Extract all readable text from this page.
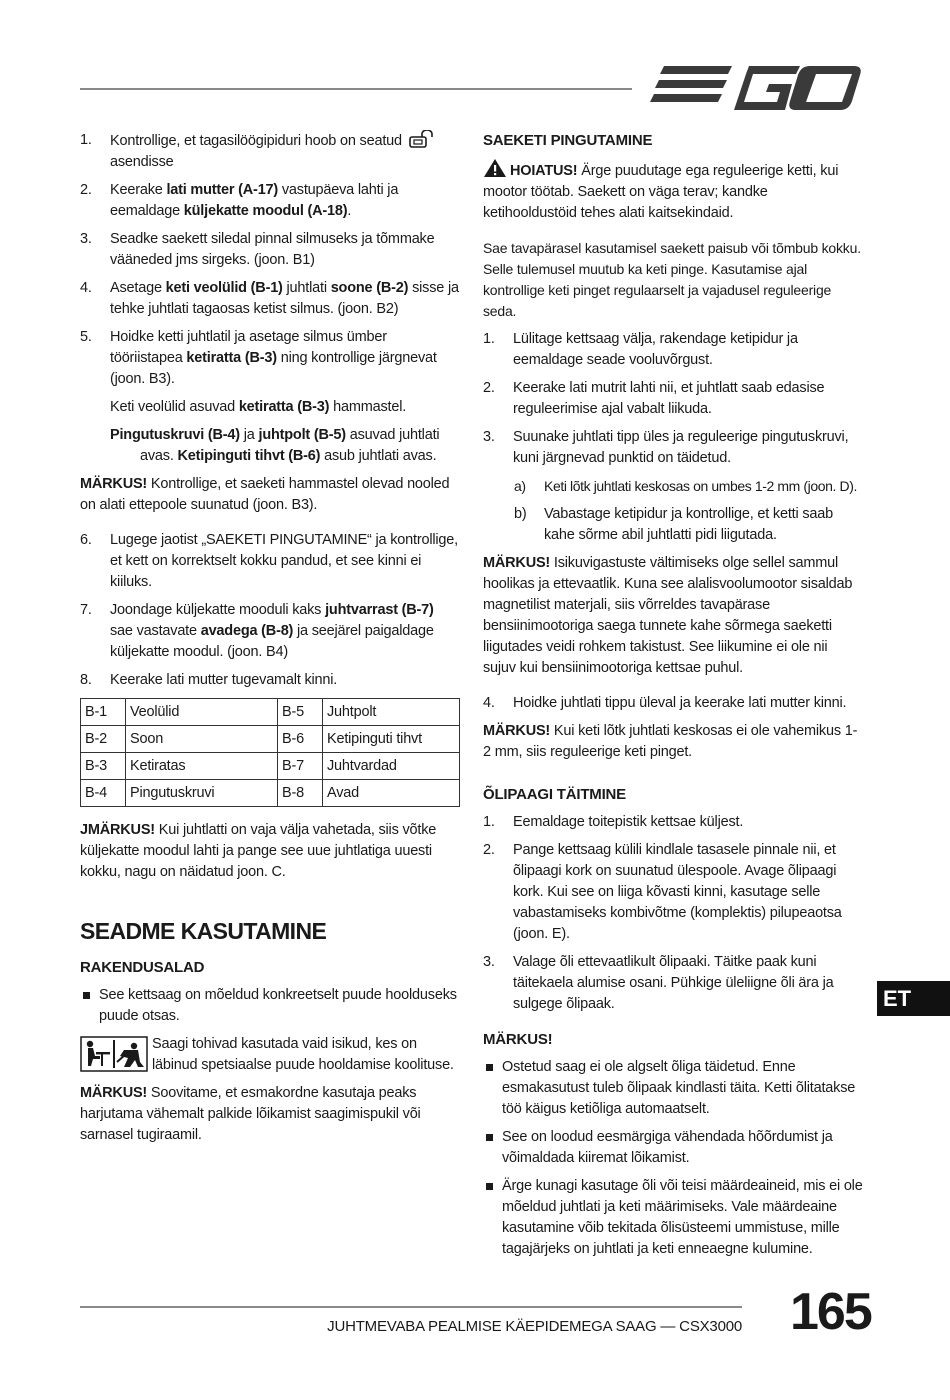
1. Kontrollige, et tagasilöögipiduri hoob on seatud
asendisse
2. Keerake lati mutter (A-17) vastupäeva lahti ja eemaldage küljekatte moodul (A-18).
3. Seadke saekett siledal pinnal silmuseks ja tõmmake vääneded jms sirgeks. (joon. B1)
4. Asetage keti veolülid (B-1) juhtlati soone (B-2) sisse ja tehke juhtlati tagaosas ketist silmus. (joon. B2)
5. Hoidke ketti juhtlatil ja asetage silmus ümber tööriistapea ketiratta (B-3) ning kontrollige järgnevat (joon. B3).
Keti veolülid asuvad ketiratta (B-3) hammastel.
Pingutuskruvi (B-4) ja juhtpolt (B-5) asuvad juhtlati avas. Ketipinguti tihvt (B-6) asub juhtlati avas.

MÄRKUS! Kontrollige, et saeketi hammastel olevad nooled on alati ettepoole suunatud (joon. B3).

6. Lugege jaotist „SAEKETI PINGUTAMINE“ ja kontrollige, et kett on korrektselt kokku pandud, et see kinni ei kiiluks.
7. Joondage küljekatte mooduli kaks juhtvarrast (B-7) sae vastavate avadega (B-8) ja seejärel paigaldage küljekatte moodul. (joon. B4)
8. Keerake lati mutter tugevamalt kinni.
B-1	Veolülid	B-5	Juhtpolt
B-2	Soon	B-6	Ketipinguti tihvt
B-3	Ketiratas	B-7	Juhtvardad
B-4	Pingutuskruvi	B-8	Avad

JMÄRKUS! Kui juhtlatti on vaja välja vahetada, siis võtke küljekatte moodul lahti ja pange see uue juhtlatiga uuesti kokku, nagu on näidatud joon. C.

SEADME KASUTAMINE
RAKENDUSALAD
See kettsaag on mõeldud konkreetselt puude hoolduseks puude otsas.
Saagi tohivad kasutada vaid isikud, kes on läbinud spetsiaalse puude hooldamise koolituse.

MÄRKUS! Soovitame, et esmakordne kasutaja peaks harjutama vähemalt palkide lõikamist saagimispukil või sarnasel tugiraamil.

SAEKETI PINGUTAMINE

HOIATUS! Ärge puudutage ega reguleerige ketti, kui mootor töötab. Saekett on väga terav; kandke ketihooldustöid tehes alati kaitsekindaid.

Sae tavapärasel kasutamisel saekett paisub või tõmbub kokku. Selle tulemusel muutub ka keti pinge. Kasutamise ajal kontrollige keti pinget regulaarselt ja vajadusel reguleerige seda.

1. Lülitage kettsaag välja, rakendage ketipidur ja eemaldage seade vooluvõrgust.
2. Keerake lati mutrit lahti nii, et juhtlatt saab edasise reguleerimise ajal vabalt liikuda.
3. Suunake juhtlati tipp üles ja reguleerige pingutuskruvi, kuni järgnevad punktid on täidetud.
a) Keti lõtk juhtlati keskosas on umbes 1-2 mm (joon. D).
b) Vabastage ketipidur ja kontrollige, et ketti saab kahe sõrme abil juhtlatti pidi liigutada.

MÄRKUS! Isikuvigastuste vältimiseks olge sellel sammul hoolikas ja ettevaatlik. Kuna see alalisvoolumootor sisaldab magnetilist materjali, siis võrreldes tavapärase bensiinimootoriga saega tunnete kahe sõrmega saeketti liigutades veidi rohkem takistust. See liikumine ei ole nii sujuv kui bensiinimootoriga kettsae puhul.

4. Hoidke juhtlati tippu üleval ja keerake lati mutter kinni.

MÄRKUS! Kui keti lõtk juhtlati keskosas ei ole vahemikus 1-2 mm, siis reguleerige keti pinget.

ÕLIPAAGI TÄITMINE
1. Eemaldage toitepistik kettsae küljest.
2. Pange kettsaag külili kindlale tasasele pinnale nii, et õlipaagi kork on suunatud ülespoole. Avage õlipaagi kork. Kui see on liiga kõvasti kinni, kasutage selle vabastamiseks kombivõtme (komplektis) pilupeaotsa (joon. E).
3. Valage õli ettevaatlikult õlipaaki. Täitke paak kuni täitekaela alumise osani. Pühkige üleliigne õli ära ja sulgege õlipaak.
MÄRKUS!
Ostetud saag ei ole algselt õliga täidetud. Enne esmakasutust tuleb õlipaak kindlasti täita. Ketti õlitatakse töö käigus ketiõliga automaatselt.
See on loodud eesmärgiga vähendada hõõrdumist ja võimaldada kiiremat lõikamist.
Ärge kunagi kasutage õli või teisi määrdeaineid, mis ei ole mõeldud juhtlati ja keti määrimiseks. Vale määrdeaine kasutamine võib tekitada õlisüsteemi ummistuse, mille tagajärjeks on juhtlati ja keti enneaegne kulumine.
ET
JUHTMEVABA PEALMISE KÄEPIDEMEGA SAAG — CSX3000 165
